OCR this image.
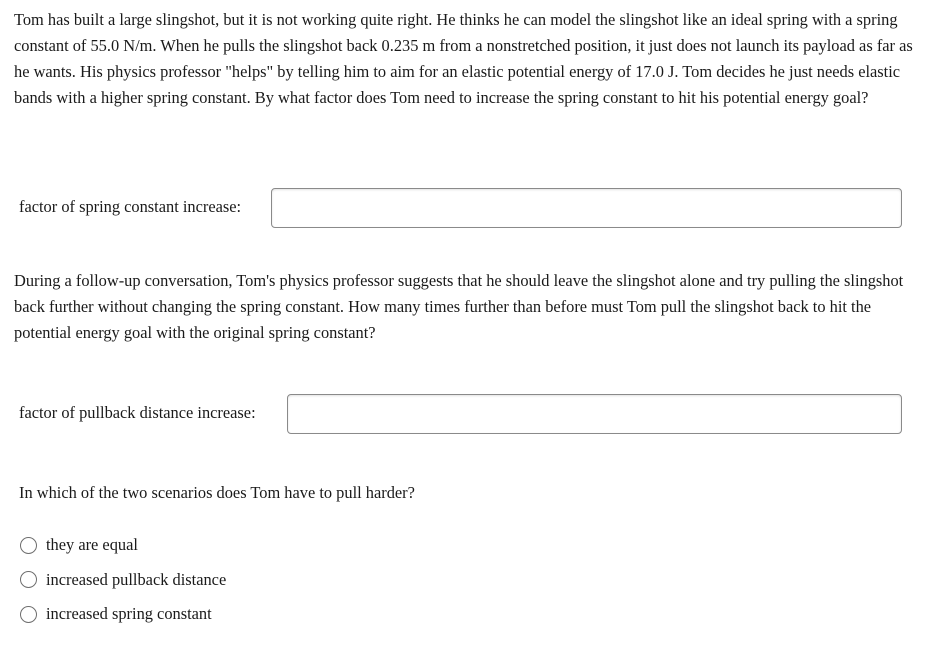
Tom has built a large slingshot, but it is not working quite right. He thinks he can model the slingshot like an ideal spring with a spring constant of 55.0 N/m. When he pulls the slingshot back 0.235 m from a nonstretched position, it just does not launch its payload as far as he wants. His physics professor "helps" by telling him to aim for an elastic potential energy of 17.0 J. Tom decides he just needs elastic bands with a higher spring constant. By what factor does Tom need to increase the spring constant to hit his potential energy goal?

factor of spring constant increase:

During a follow-up conversation, Tom's physics professor suggests that he should leave the slingshot alone and try pulling the slingshot back further without changing the spring constant. How many times further than before must Tom pull the slingshot back to hit the potential energy goal with the original spring constant?

factor of pullback distance increase:

In which of the two scenarios does Tom have to pull harder?

they are equal
increased pullback distance
increased spring constant
